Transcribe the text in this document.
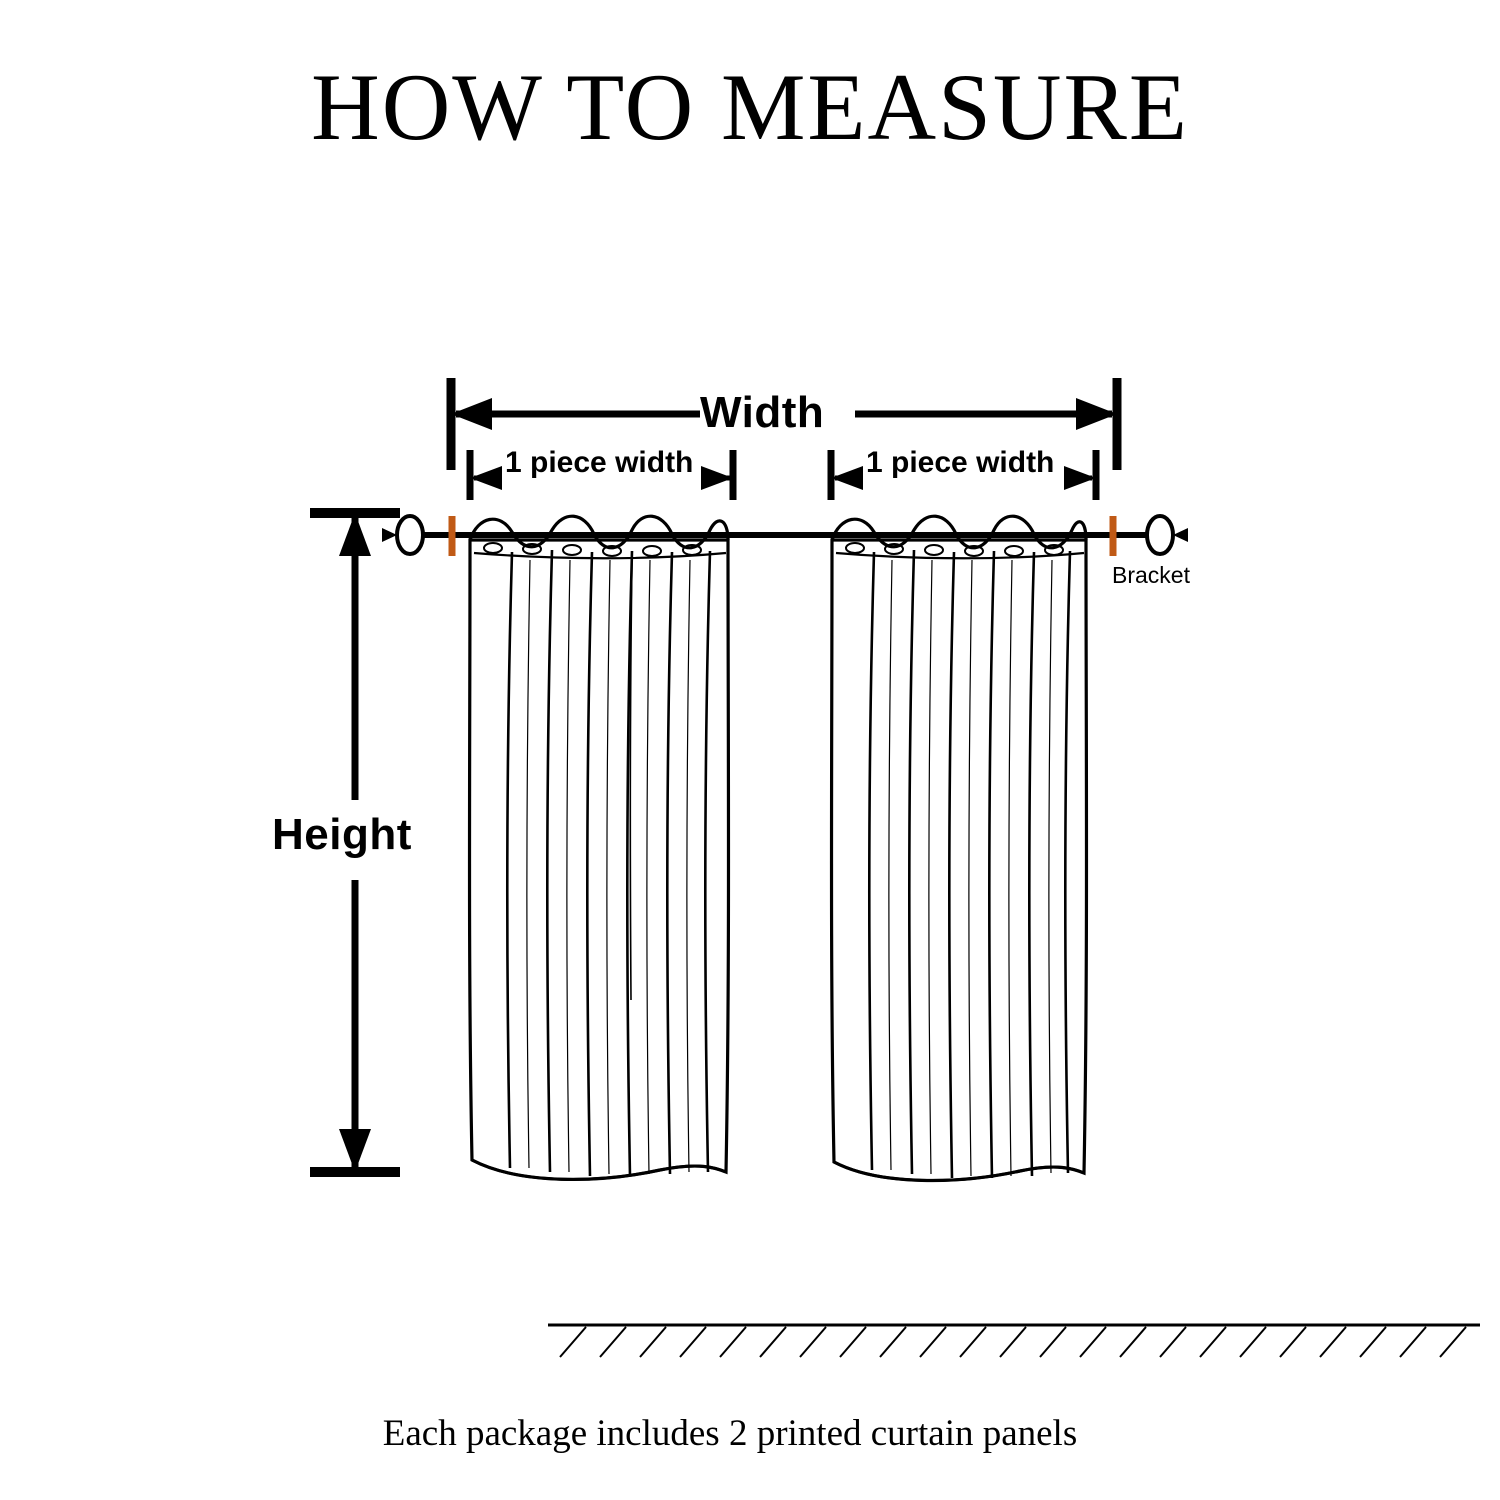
HOW TO MEASURE
Width
Height
1 piece width	1 piece width
Bracket
Each package includes 2 printed curtain panels
